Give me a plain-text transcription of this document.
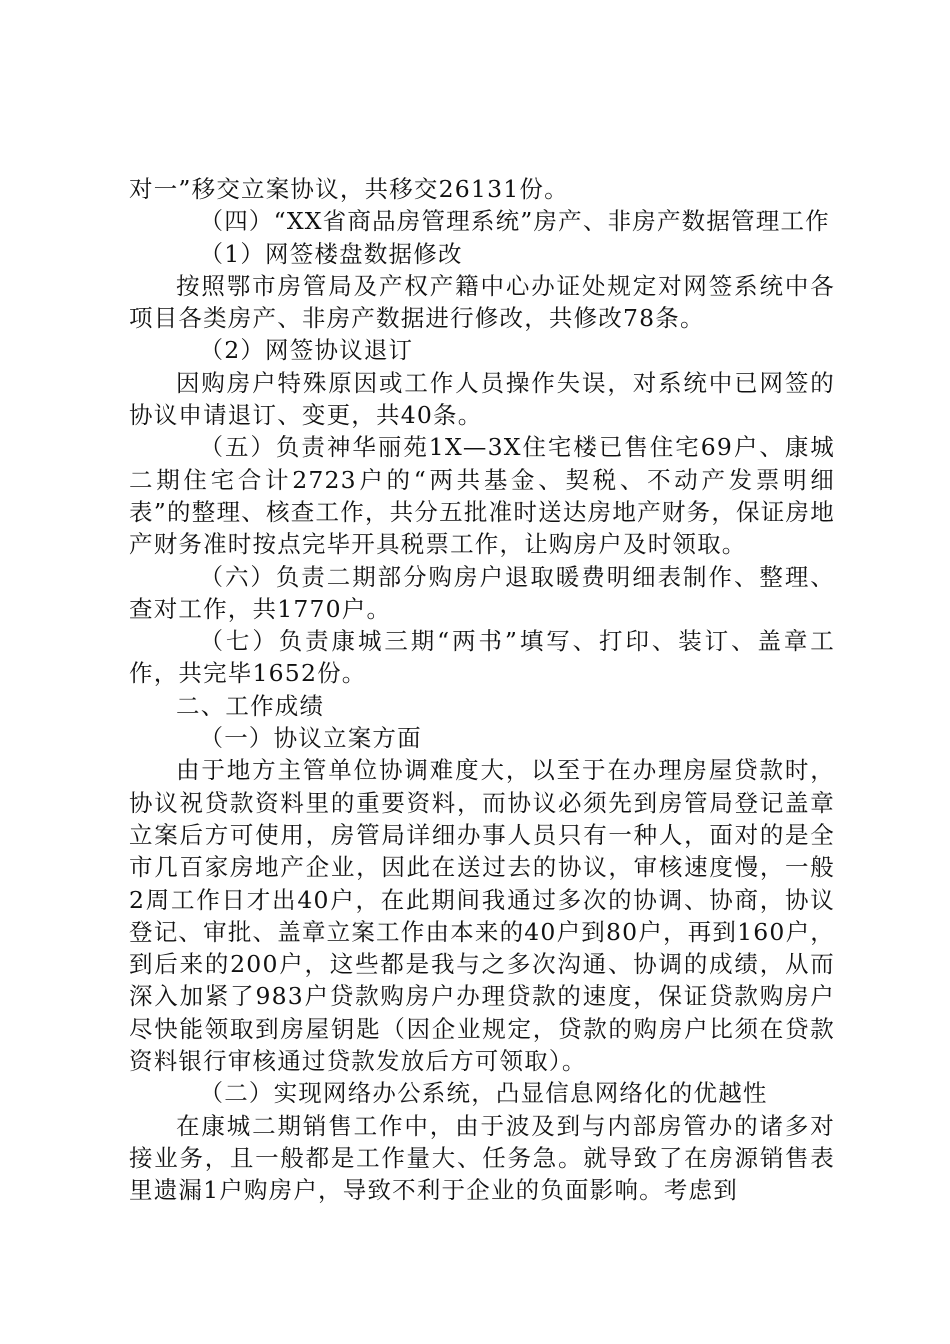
对一”移交立案协议，共移交26131份。

（四）“XX省商品房管理系统”房产、非房产数据管理工作

（1）网签楼盘数据修改

按照鄂市房管局及产权产籍中心办证处规定对网签系统中各项目各类房产、非房产数据进行修改，共修改78条。

（2）网签协议退订

因购房户特殊原因或工作人员操作失误，对系统中已网签的协议申请退订、变更，共40条。

（五）负责神华丽苑1X—3X住宅楼已售住宅69户、康城二期住宅合计2723户的“两共基金、契税、不动产发票明细表”的整理、核查工作，共分五批准时送达房地产财务，保证房地产财务准时按点完毕开具税票工作，让购房户及时领取。

（六）负责二期部分购房户退取暖费明细表制作、整理、查对工作，共1770户。

（七）负责康城三期“两书”填写、打印、装订、盖章工作，共完毕1652份。

二、工作成绩

（一）协议立案方面

由于地方主管单位协调难度大，以至于在办理房屋贷款时，协议祝贷款资料里的重要资料，而协议必须先到房管局登记盖章立案后方可使用，房管局详细办事人员只有一种人，面对的是全市几百家房地产企业，因此在送过去的协议，审核速度慢，一般2周工作日才出40户，在此期间我通过多次的协调、协商，协议登记、审批、盖章立案工作由本来的40户到80户，再到160户，到后来的200户，这些都是我与之多次沟通、协调的成绩，从而深入加紧了983户贷款购房户办理贷款的速度，保证贷款购房户尽快能领取到房屋钥匙（因企业规定，贷款的购房户比须在贷款资料银行审核通过贷款发放后方可领取）。

（二）实现网络办公系统，凸显信息网络化的优越性

在康城二期销售工作中，由于波及到与内部房管办的诸多对接业务，且一般都是工作量大、任务急。就导致了在房源销售表里遗漏1户购房户，导致不利于企业的负面影响。考虑到
